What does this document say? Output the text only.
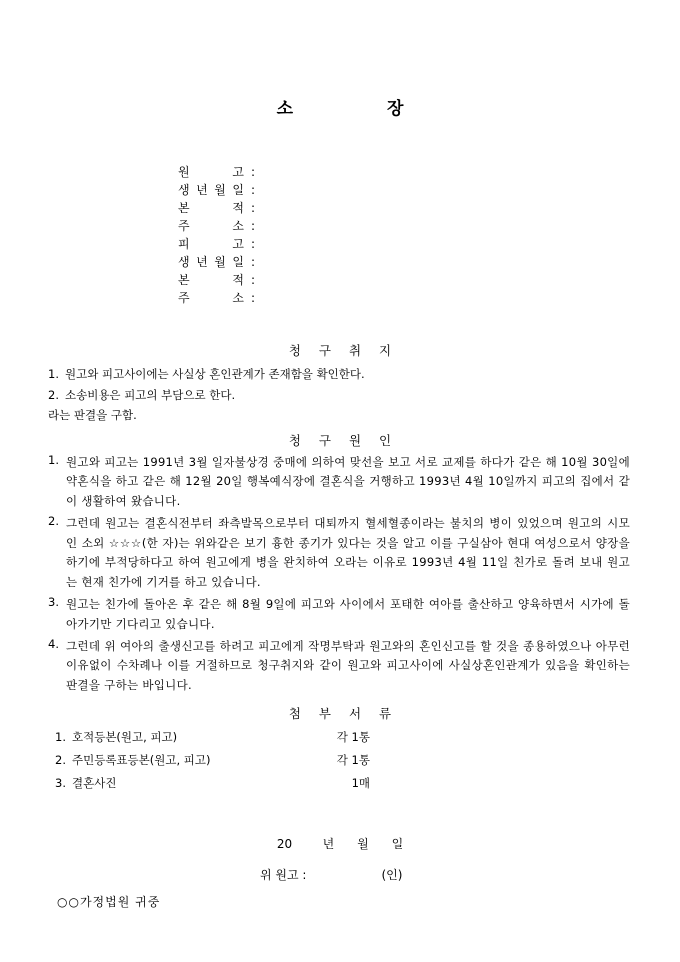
소 장
원 고 :
생 년 월 일 :
본 적 :
주 소 :
피 고 :
생 년 월 일 :
본 적 :
주 소 :
청 구 취 지
1. 원고와 피고사이에는 사실상 혼인관계가 존재함을 확인한다.
2. 소송비용은 피고의 부담으로 한다.
라는 판결을 구함.
청 구 원 인
1. 원고와 피고는 1991년 3월 일자불상경 중매에 의하여 맞선을 보고 서로 교제를 하다가 같은 해 10월 30일에 약혼식을 하고 같은 해 12월 20일 행복예식장에 결혼식을 거행하고 1993년 4월 10일까지 피고의 집에서 같이 생활하여 왔습니다.
2. 그런데 원고는 결혼식전부터 좌측발목으로부터 대퇴까지 혈세혈종이라는 불치의 병이 있었으며 원고의 시모인 소외 ☆☆☆(한 자)는 위와같은 보기 흉한 종기가 있다는 것을 알고 이를 구실삼아 현대 여성으로서 양장을 하기에 부적당하다고 하여 원고에게 병을 완치하여 오라는 이유로 1993년 4월 11일 친가로 돌려 보내 원고는 현재 친가에 기거를 하고 있습니다.
3. 원고는 친가에 돌아온 후 같은 해 8월 9일에 피고와 사이에서 포태한 여아를 출산하고 양육하면서 시가에 돌아가기만 기다리고 있습니다.
4. 그런데 위 여아의 출생신고를 하려고 피고에게 작명부탁과 원고와의 혼인신고를 할 것을 종용하였으나 아무런 이유없이 수차례나 이를 거절하므로 청구취지와 같이 원고와 피고사이에 사실상혼인관계가 있음을 확인하는 판결을 구하는 바입니다.
첨 부 서 류
1. 호적등본(원고, 피고)	각 1통
2. 주민등록표등본(원고, 피고)	각 1통
3. 결혼사진	1매
20        년      월      일
위 원고 :	(인)
○○가정법원 귀중
